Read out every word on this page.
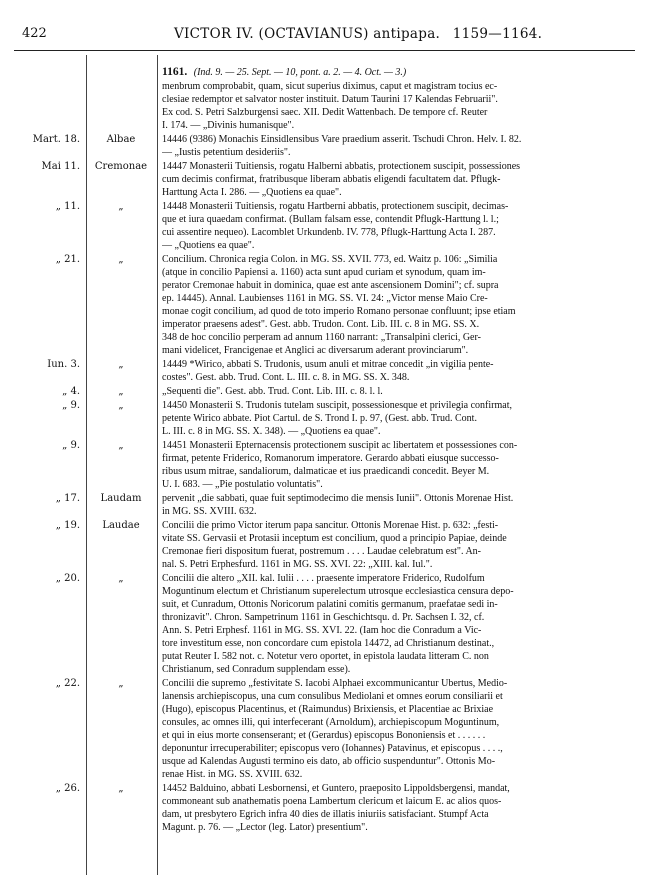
422	VICTOR IV. (OCTAVIANUS) antipapa. 1159—1164.
1161. (Ind. 9. — 25. Sept. — 10, pont. a. 2. — 4. Oct. — 3.)
menbrum comprobabit, quam, sicut superius diximus, caput et magistram tocius ec-
clesiae redemptor et salvator noster instituit. Datum Taurini 17 Kalendas Februarii".
Ex cod. S. Petri Salzburgensi saec. XII. Dedit Wattenbach. De tempore cf. Reuter
I. 174. — „Divinis humanisque".
Mart. 18.	Albae	14446 (9386) Monachis Einsidlensibus Vare praedium asserit. Tschudi Chron. Helv. I. 82.
— „Iustis petentium desideriis".
Mai 11.	Cremonae	14447 Monasterii Tuitiensis, rogatu Halberni abbatis, protectionem suscipit, possessiones
cum decimis confirmat, fratribusque liberam abbatis eligendi facultatem dat. Pflugk-
Harttung Acta I. 286. — „Quotiens ea quae".
„ 11.	„	14448 Monasterii Tuitiensis, rogatu Hartberni abbatis, protectionem suscipit, decimas-
que et iura quaedam confirmat. (Bullam falsam esse, contendit Pflugk-Harttung l. l.;
cui assentire nequeo). Lacomblet Urkundenb. IV. 778, Pflugk-Harttung Acta I. 287.
— „Quotiens ea quae".
„ 21.	„	Concilium. Chronica regia Colon. in MG. SS. XVII. 773, ed. Waitz p. 106: „Similia
(atque in concilio Papiensi a. 1160) acta sunt apud curiam et synodum, quam im-
perator Cremonae habuit in dominica, quae est ante ascensionem Domini"; cf. supra
ep. 14445). Annal. Laubienses 1161 in MG. SS. VI. 24: „Victor mense Maio Cre-
monae cogit concilium, ad quod de toto imperio Romano personae confluunt; ipse etiam
imperator praesens adest". Gest. abb. Trudon. Cont. Lib. III. c. 8 in MG. SS. X.
348 de hoc concilio perperam ad annum 1160 narrant: „Transalpini clerici, Ger-
mani videlicet, Francigenae et Anglici ac diversarum aderant provinciarum".
Iun. 3.	„	14449 *Wirico, abbati S. Trudonis, usum anuli et mitrae concedit „in vigilia pente-
costes". Gest. abb. Trud. Cont. L. III. c. 8. in MG. SS. X. 348.
„ 4.	„	„Sequenti die". Gest. abb. Trud. Cont. Lib. III. c. 8. l. l.
„ 9.	„	14450 Monasterii S. Trudonis tutelam suscipit, possessionesque et privilegia confirmat,
petente Wirico abbate. Piot Cartul. de S. Trond I. p. 97, (Gest. abb. Trud. Cont.
L. III. c. 8 in MG. SS. X. 348). — „Quotiens ea quae".
„ 9.	„	14451 Monasterii Epternacensis protectionem suscipit ac libertatem et possessiones con-
firmat, petente Friderico, Romanorum imperatore. Gerardo abbati eiusque successo-
ribus usum mitrae, sandaliorum, dalmaticae et ius praedicandi concedit. Beyer M.
U. I. 683. — „Pie postulatio voluntatis".
„ 17.	Laudam	pervenit „die sabbati, quae fuit septimodecimo die mensis Iunii". Ottonis Morenae Hist.
in MG. SS. XVIII. 632.
„ 19.	Laudae	Concilii die primo Victor iterum papa sancitur. Ottonis Morenae Hist. p. 632: „festi-
vitate SS. Gervasii et Protasii inceptum est concilium, quod a principio Papiae, deinde
Cremonae fieri dispositum fuerat, postremum . . . . Laudae celebratum est". An-
nal. S. Petri Erphesfurd. 1161 in MG. SS. XVI. 22: „XIII. kal. Iul.".
„ 20.	„	Concilii die altero „XII. kal. Iulii . . . . praesente imperatore Friderico, Rudolfum
Moguntinum electum et Christianum superelectum utrosque ecclesiastica censura depo-
suit, et Cunradum, Ottonis Noricorum palatini comitis germanum, praefatae sedi in-
thronizavit". Chron. Sampetrinum 1161 in Geschichtsqu. d. Pr. Sachsen I. 32, cf.
Ann. S. Petri Erphesf. 1161 in MG. SS. XVI. 22. (Iam hoc die Conradum a Vic-
tore investitum esse, non concordare cum epistola 14472, ad Christianum destinat.,
putat Reuter I. 582 not. c. Notetur vero oportet, in epistola laudata litteram C. non
Christianum, sed Conradum supplendam esse).
„ 22.	„	Concilii die supremo „festivitate S. Iacobi Alphaei excommunicantur Ubertus, Medio-
lanensis archiepiscopus, una cum consulibus Mediolani et omnes eorum consiliarii et
(Hugo), episcopus Placentinus, et (Raimundus) Brixiensis, et Placentiae ac Brixiae
consules, ac omnes illi, qui interfecerant (Arnoldum), archiepiscopum Moguntinum,
et qui in eius morte consenserant; et (Gerardus) episcopus Bononiensis et . . . . . .
deponuntur irrecuperabiliter; episcopus vero (Iohannes) Patavinus, et episcopus . . . .,
usque ad Kalendas Augusti termino eis dato, ab officio suspenduntur". Ottonis Mo-
renae Hist. in MG. SS. XVIII. 632.
„ 26.	„	14452 Balduino, abbati Lesbornensi, et Guntero, praeposito Lippoldsbergensi, mandat,
commoneant sub anathematis poena Lambertum clericum et laicum E. ac alios quos-
dam, ut presbytero Egrich infra 40 dies de illatis iniuriis satisfaciant. Stumpf Acta
Magunt. p. 76. — „Lector (leg. Lator) presentium".
